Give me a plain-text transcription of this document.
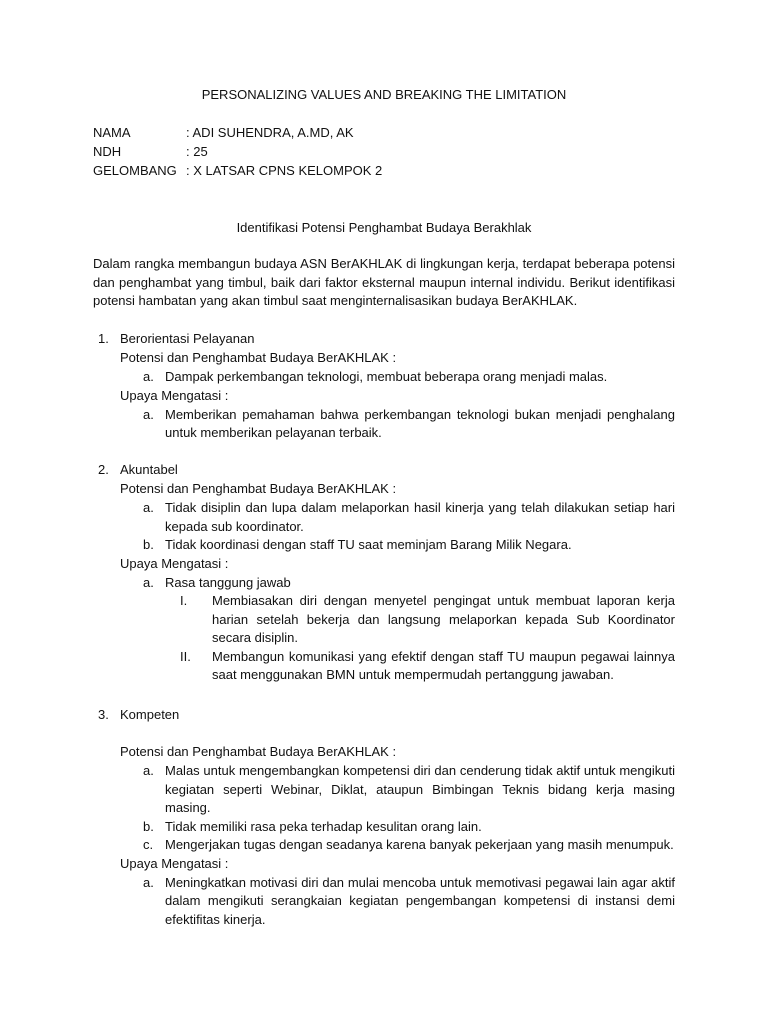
PERSONALIZING VALUES AND BREAKING THE LIMITATION
NAMA	: ADI SUHENDRA, A.MD, AK
NDH	: 25
GELOMBANG : X LATSAR CPNS KELOMPOK 2
Identifikasi Potensi Penghambat Budaya Berakhlak
Dalam rangka membangun budaya ASN BerAKHLAK di lingkungan kerja, terdapat beberapa potensi dan penghambat yang timbul, baik dari faktor eksternal maupun internal individu. Berikut identifikasi potensi hambatan yang akan timbul saat menginternalisasikan budaya BerAKHLAK.
1. Berorientasi Pelayanan
Potensi dan Penghambat Budaya BerAKHLAK :
a. Dampak perkembangan teknologi, membuat beberapa orang menjadi malas.
Upaya Mengatasi :
a. Memberikan pemahaman bahwa perkembangan teknologi bukan menjadi penghalang untuk memberikan pelayanan terbaik.
2. Akuntabel
Potensi dan Penghambat Budaya BerAKHLAK :
a. Tidak disiplin dan lupa dalam melaporkan hasil kinerja yang telah dilakukan setiap hari kepada sub koordinator.
b. Tidak koordinasi dengan staff TU saat meminjam Barang Milik Negara.
Upaya Mengatasi :
a. Rasa tanggung jawab
I. Membiasakan diri dengan menyetel pengingat untuk membuat laporan kerja harian setelah bekerja dan langsung melaporkan kepada Sub Koordinator secara disiplin.
II. Membangun komunikasi yang efektif dengan staff TU maupun pegawai lainnya saat menggunakan BMN untuk mempermudah pertanggung jawaban.
3. Kompeten
Potensi dan Penghambat Budaya BerAKHLAK :
a. Malas untuk mengembangkan kompetensi diri dan cenderung tidak aktif untuk mengikuti kegiatan seperti Webinar, Diklat, ataupun Bimbingan Teknis bidang kerja masing masing.
b. Tidak memiliki rasa peka terhadap kesulitan orang lain.
c. Mengerjakan tugas dengan seadanya karena banyak pekerjaan yang masih menumpuk.
Upaya Mengatasi :
a. Meningkatkan motivasi diri dan mulai mencoba untuk memotivasi pegawai lain agar aktif dalam mengikuti serangkaian kegiatan pengembangan kompetensi di instansi demi efektifitas kinerja.
